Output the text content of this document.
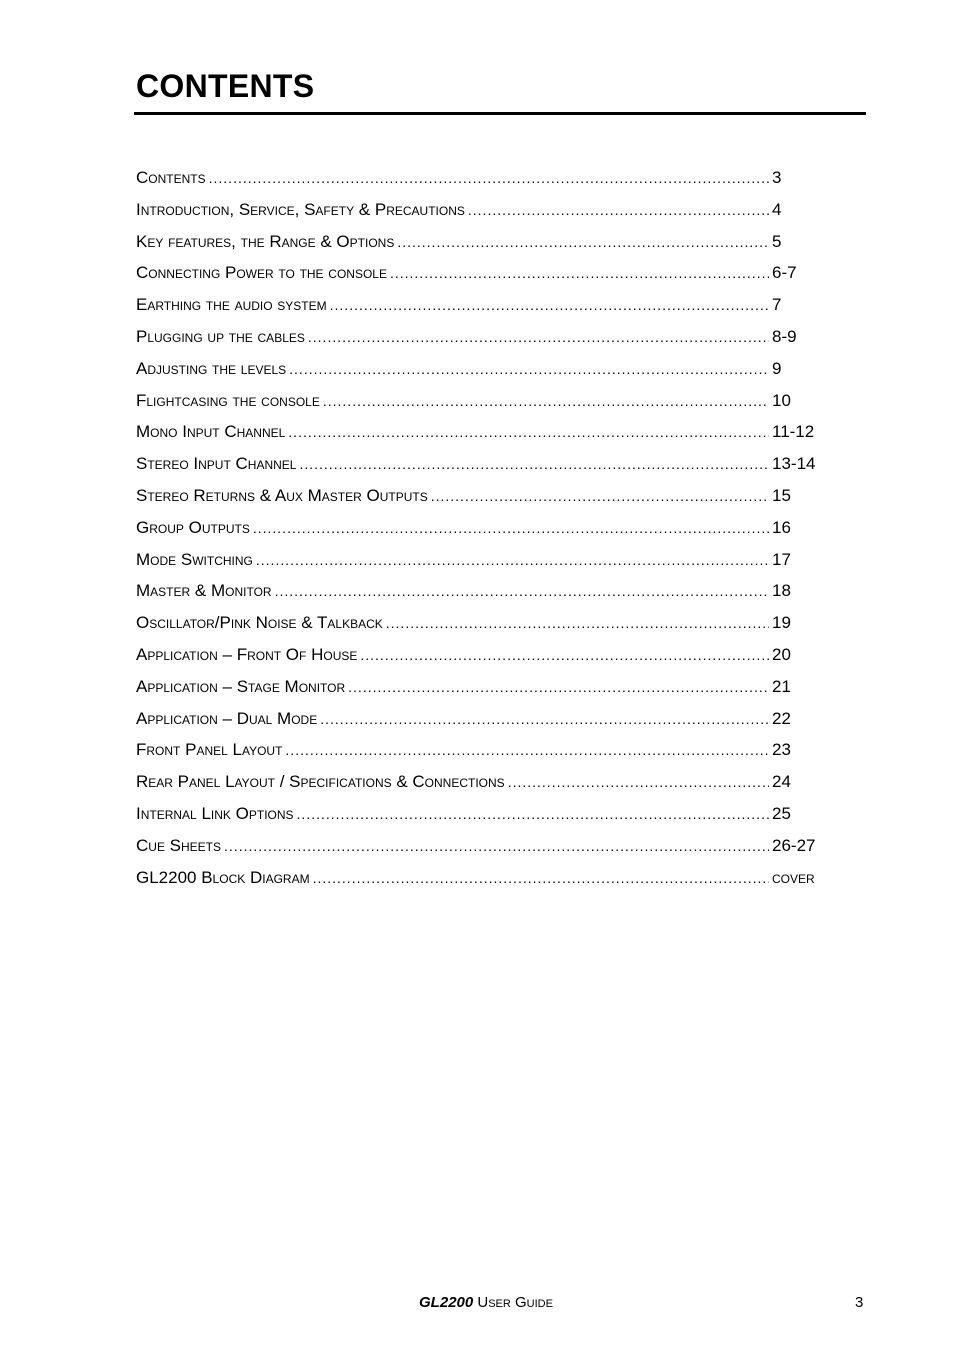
CONTENTS
Contents .....	3
Introduction, Service, Safety & Precautions .....	4
Key features, the Range & Options .....	5
Connecting Power to the console .....	6-7
Earthing the audio system .....	7
Plugging up the cables .....	8-9
Adjusting the levels .....	9
Flightcasing the console .....	10
Mono Input Channel .....	11-12
Stereo Input Channel .....	13-14
Stereo Returns & Aux Master Outputs .....	15
Group Outputs .....	16
Mode Switching .....	17
Master & Monitor .....	18
Oscillator/Pink Noise & Talkback .....	19
Application – Front Of House .....	20
Application – Stage Monitor .....	21
Application – Dual Mode .....	22
Front Panel Layout .....	23
Rear Panel Layout / Specifications & Connections .....	24
Internal Link Options .....	25
Cue Sheets .....	26-27
GL2200 Block Diagram .....	cover
GL2200 User Guide	3
